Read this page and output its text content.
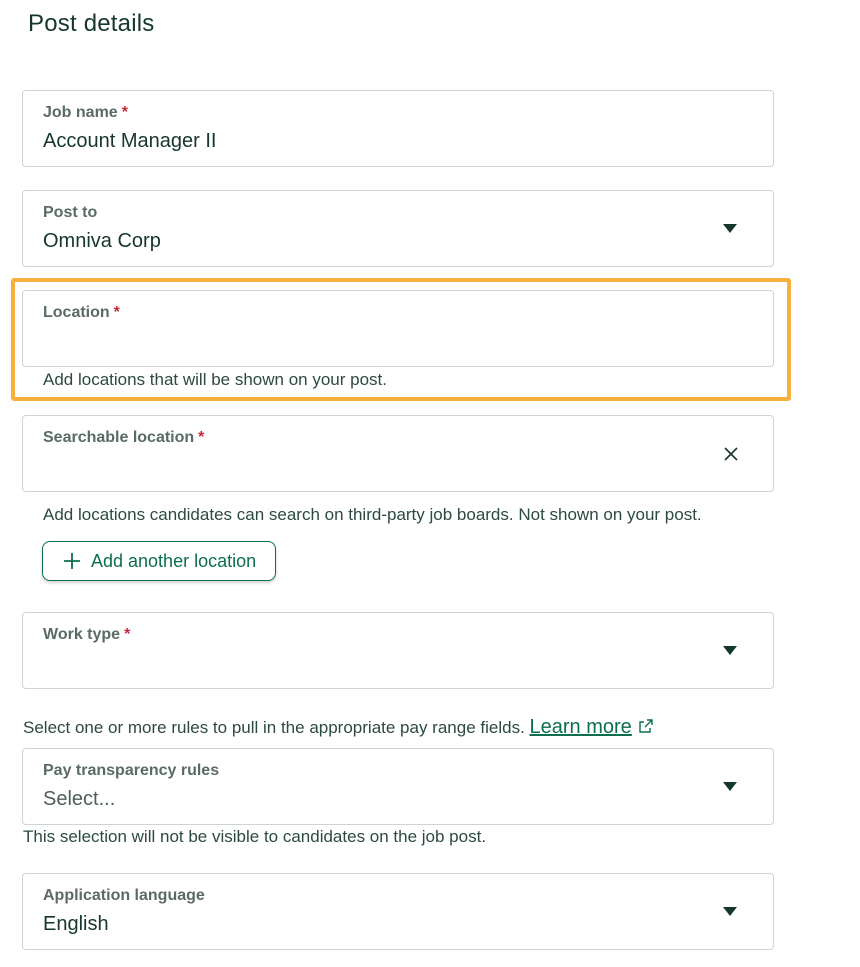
Post details
Job name *
Account Manager II
Post to
Omniva Corp
Location *
Add locations that will be shown on your post.
Searchable location *
Add locations candidates can search on third-party job boards. Not shown on your post.
Add another location
Work type *
Select one or more rules to pull in the appropriate pay range fields. Learn more
Pay transparency rules
Select...
This selection will not be visible to candidates on the job post.
Application language
English
